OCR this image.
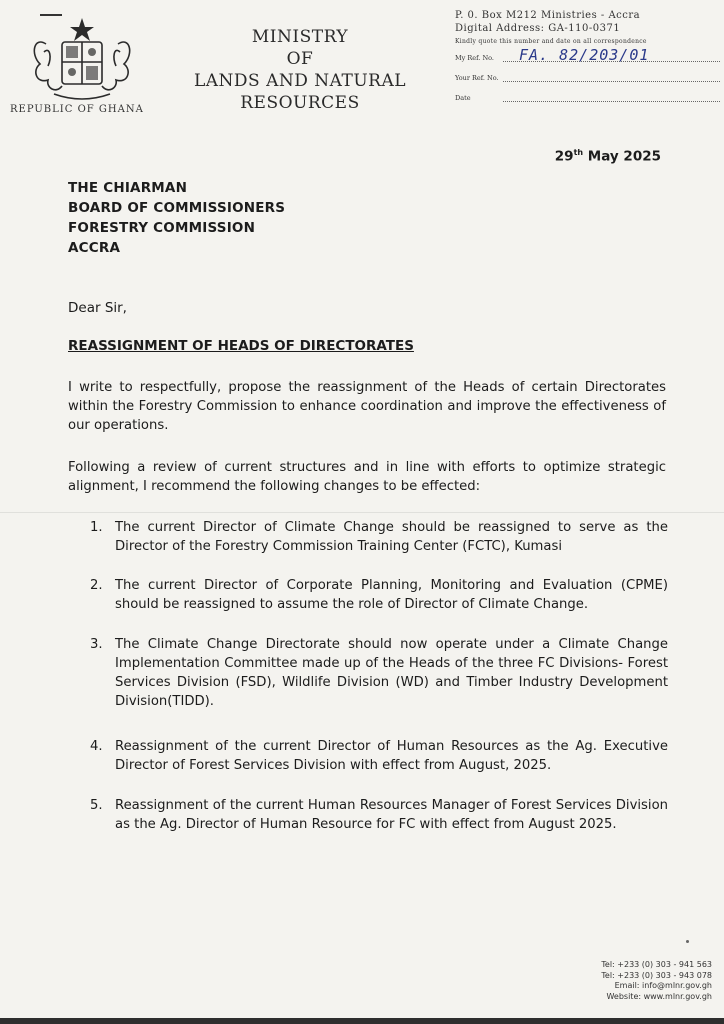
REPUBLIC OF GHANA
MINISTRY
OF
LANDS AND NATURAL
RESOURCES
P. 0. Box M212 Ministries - Accra
Digital Address: GA-110-0371
Kindly quote this number and date on all correspondence
My Ref. No. FA. 82/203/01
Your Ref. No.
Date
29th May 2025
THE CHIARMAN
BOARD OF COMMISSIONERS
FORESTRY COMMISSION
ACCRA
Dear Sir,
REASSIGNMENT OF HEADS OF DIRECTORATES
I write to respectfully, propose the reassignment of the Heads of certain Directorates within the Forestry Commission to enhance coordination and improve the effectiveness of our operations.
Following a review of current structures and in line with efforts to optimize strategic alignment, I recommend the following changes to be effected:
1. The current Director of Climate Change should be reassigned to serve as the Director of the Forestry Commission Training Center (FCTC), Kumasi
2. The current Director of Corporate Planning, Monitoring and Evaluation (CPME) should be reassigned to assume the role of Director of Climate Change.
3. The Climate Change Directorate should now operate under a Climate Change Implementation Committee made up of the Heads of the three FC Divisions- Forest Services Division (FSD), Wildlife Division (WD) and Timber Industry Development Division(TIDD).
4. Reassignment of the current Director of Human Resources as the Ag. Executive Director of Forest Services Division with effect from August, 2025.
5. Reassignment of the current Human Resources Manager of Forest Services Division as the Ag. Director of Human Resource for FC with effect from August 2025.
Tel: +233 (0) 303 - 941 563
Tel: +233 (0) 303 - 943 078
Email: info@mlnr.gov.gh
Website: www.mlnr.gov.gh
